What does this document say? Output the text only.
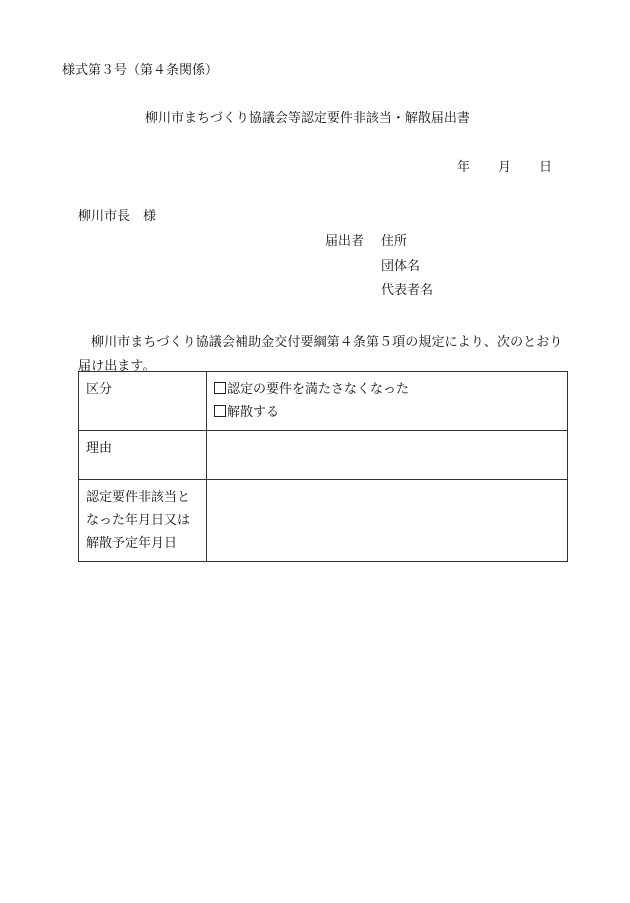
様式第３号（第４条関係）
柳川市まちづくり協議会等認定要件非該当・解散届出書
年 月 日
柳川市長　様
届出者 住所
団体名
代表者名
柳川市まちづくり協議会補助金交付要綱第４条第５項の規定により、次のとおり届け出ます。
区分	認定の要件を満たさなくなった
解散する

理由	

認定要件非該当と
なった年月日又は
解散予定年月日	
